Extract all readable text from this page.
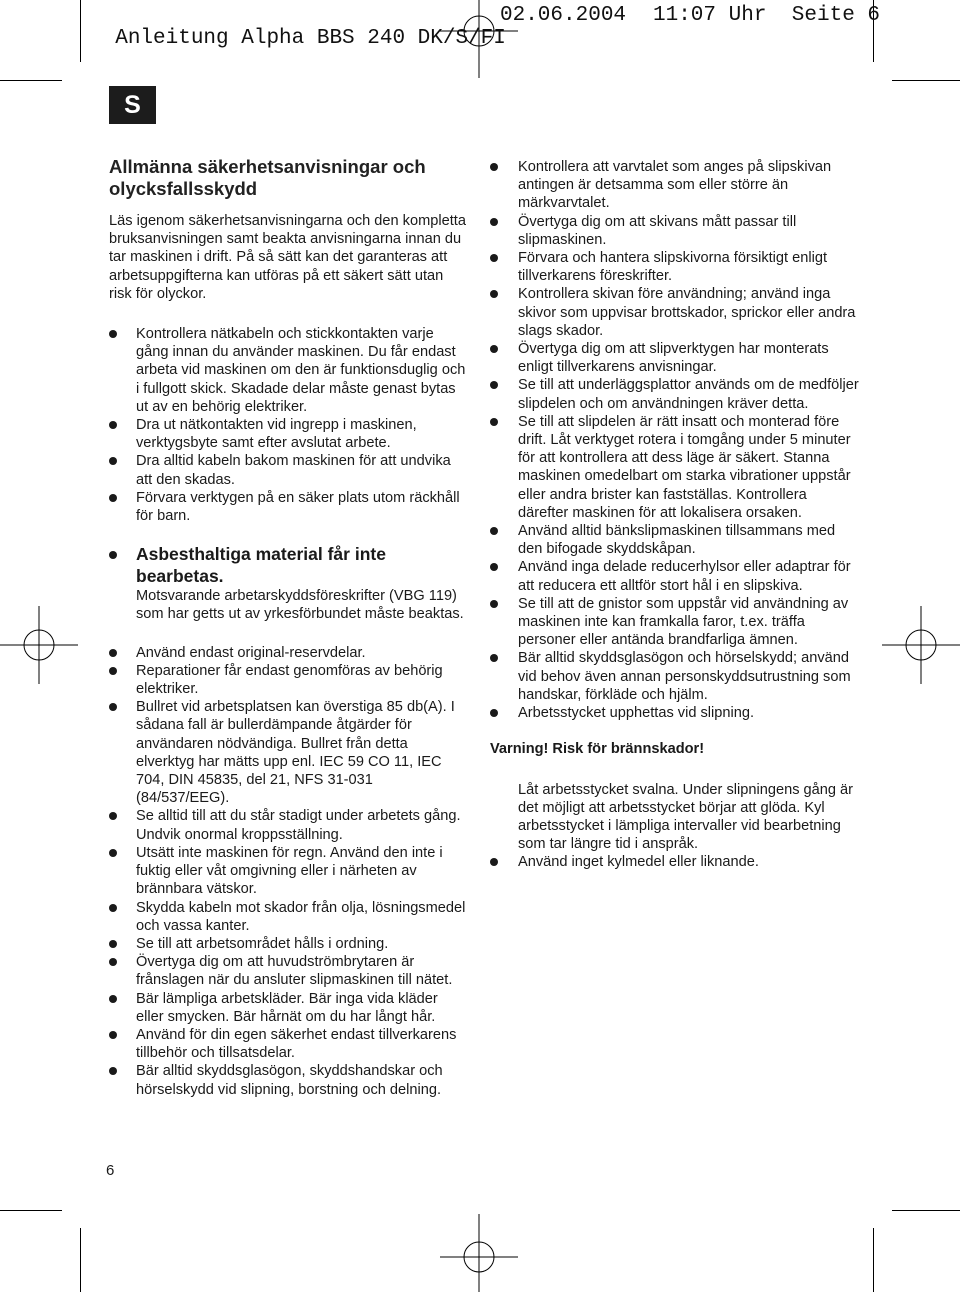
Anleitung Alpha BBS 240 DK/S/FI

02.06.2004

11:07 Uhr

Seite 6

S
Allmänna säkerhetsanvisningar och olycksfallsskydd
Läs igenom säkerhetsanvisningarna och den kompletta bruksanvisningen samt beakta anvisningarna innan du tar maskinen i drift. På så sätt kan det garanteras att arbetsuppgifterna kan utföras på ett säkert sätt utan risk för olyckor.
Kontrollera nätkabeln och stickkontakten varje gång innan du använder maskinen. Du får endast arbeta vid maskinen om den är funktionsduglig och i fullgott skick. Skadade delar måste genast bytas ut av en behörig elektriker.
Dra ut nätkontakten vid ingrepp i maskinen, verktygsbyte samt efter avslutat arbete.
Dra alltid kabeln bakom maskinen för att undvika att den skadas.
Förvara verktygen på en säker plats utom räckhåll för barn.
Asbesthaltiga material får inte bearbetas.
Motsvarande arbetarskyddsföreskrifter (VBG 119) som har getts ut av yrkesförbundet måste beaktas.
Använd endast original-reservdelar.
Reparationer får endast genomföras av behörig elektriker.
Bullret vid arbetsplatsen kan överstiga 85 db(A). I sådana fall är bullerdämpande åtgärder för användaren nödvändiga. Bullret från detta elverktyg har mätts upp enl. IEC 59 CO 11, IEC 704, DIN 45835, del 21, NFS 31-031 (84/537/EEG).
Se alltid till att du står stadigt under arbetets gång. Undvik onormal kroppsställning.
Utsätt inte maskinen för regn. Använd den inte i fuktig eller våt omgivning eller i närheten av brännbara vätskor.
Skydda kabeln mot skador från olja, lösningsmedel och vassa kanter.
Se till att arbetsområdet hålls i ordning.
Övertyga dig om att huvudströmbrytaren är frånslagen när du ansluter slipmaskinen till nätet.
Bär lämpliga arbetskläder. Bär inga vida kläder eller smycken. Bär hårnät om du har långt hår.
Använd för din egen säkerhet endast tillverkarens tillbehör och tillsatsdelar.
Bär alltid skyddsglasögon, skyddshandskar och hörselskydd vid slipning, borstning och delning.
Kontrollera att varvtalet som anges på slipskivan antingen är detsamma som eller större än märkvarvtalet.
Övertyga dig om att skivans mått passar till slipmaskinen.
Förvara och hantera slipskivorna försiktigt enligt tillverkarens föreskrifter.
Kontrollera skivan före användning; använd inga skivor som uppvisar brottskador, sprickor eller andra slags skador.
Övertyga dig om att slipverktygen har monterats enligt tillverkarens anvisningar.
Se till att underläggsplattor används om de medföljer slipdelen och om användningen kräver detta.
Se till att slipdelen är rätt insatt och monterad före drift. Låt verktyget rotera i tomgång under 5 minuter för att kontrollera att dess läge är säkert. Stanna maskinen omedelbart om starka vibrationer uppstår eller andra brister kan fastställas. Kontrollera därefter maskinen för att lokalisera orsaken.
Använd alltid bänkslipmaskinen tillsammans med den bifogade skyddskåpan.
Använd inga delade reducerhylsor eller adaptrar för att reducera ett alltför stort hål i en slipskiva.
Se till att de gnistor som uppstår vid användning av maskinen inte kan framkalla faror, t.ex. träffa personer eller antända brandfarliga ämnen.
Bär alltid skyddsglasögon och hörselskydd; använd vid behov även annan personskyddsutrustning som handskar, förkläde och hjälm.
Arbetsstycket upphettas vid slipning.
Varning! Risk för brännskador!
Låt arbetsstycket svalna. Under slipningens gång är det möjligt att arbetsstycket börjar att glöda. Kyl arbetsstycket i lämpliga intervaller vid bearbetning som tar längre tid i anspråk.
Använd inget kylmedel eller liknande.
6
